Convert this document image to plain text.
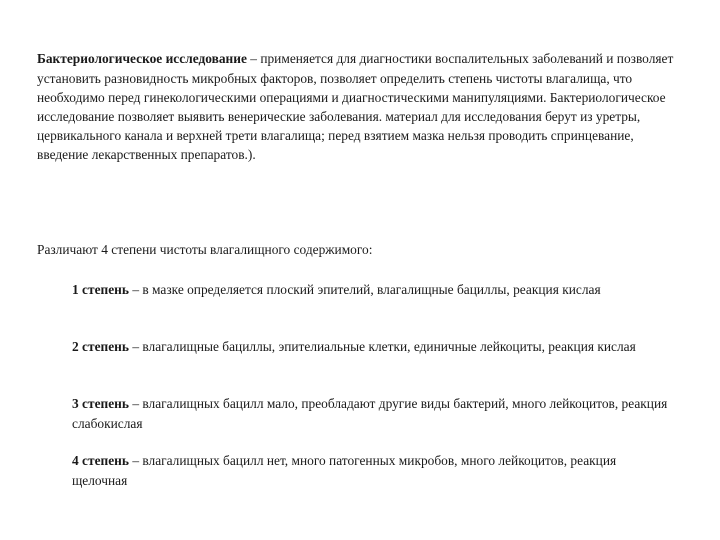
Бактериологическое исследование – применяется для диагностики воспалительных заболеваний и позволяет установить разновидность микробных факторов, позволяет определить степень чистоты влагалища, что необходимо перед гинекологическими операциями и диагностическими манипуляциями. Бактериологическое исследование позволяет выявить венерические заболевания. материал для исследования берут из уретры, цервикального канала и верхней трети влагалища; перед взятием мазка нельзя проводить спринцевание, введение лекарственных препаратов.).

Различают 4 степени чистоты влагалищного содержимого:

1 степень – в мазке определяется плоский эпителий, влагалищные бациллы, реакция кислая

2 степень – влагалищные бациллы, эпителиальные клетки, единичные лейкоциты, реакция кислая

3 степень – влагалищных бацилл мало, преобладают другие виды бактерий, много лейкоцитов, реакция слабокислая

4 степень – влагалищных бацилл нет, много патогенных микробов, много лейкоцитов, реакция щелочная
